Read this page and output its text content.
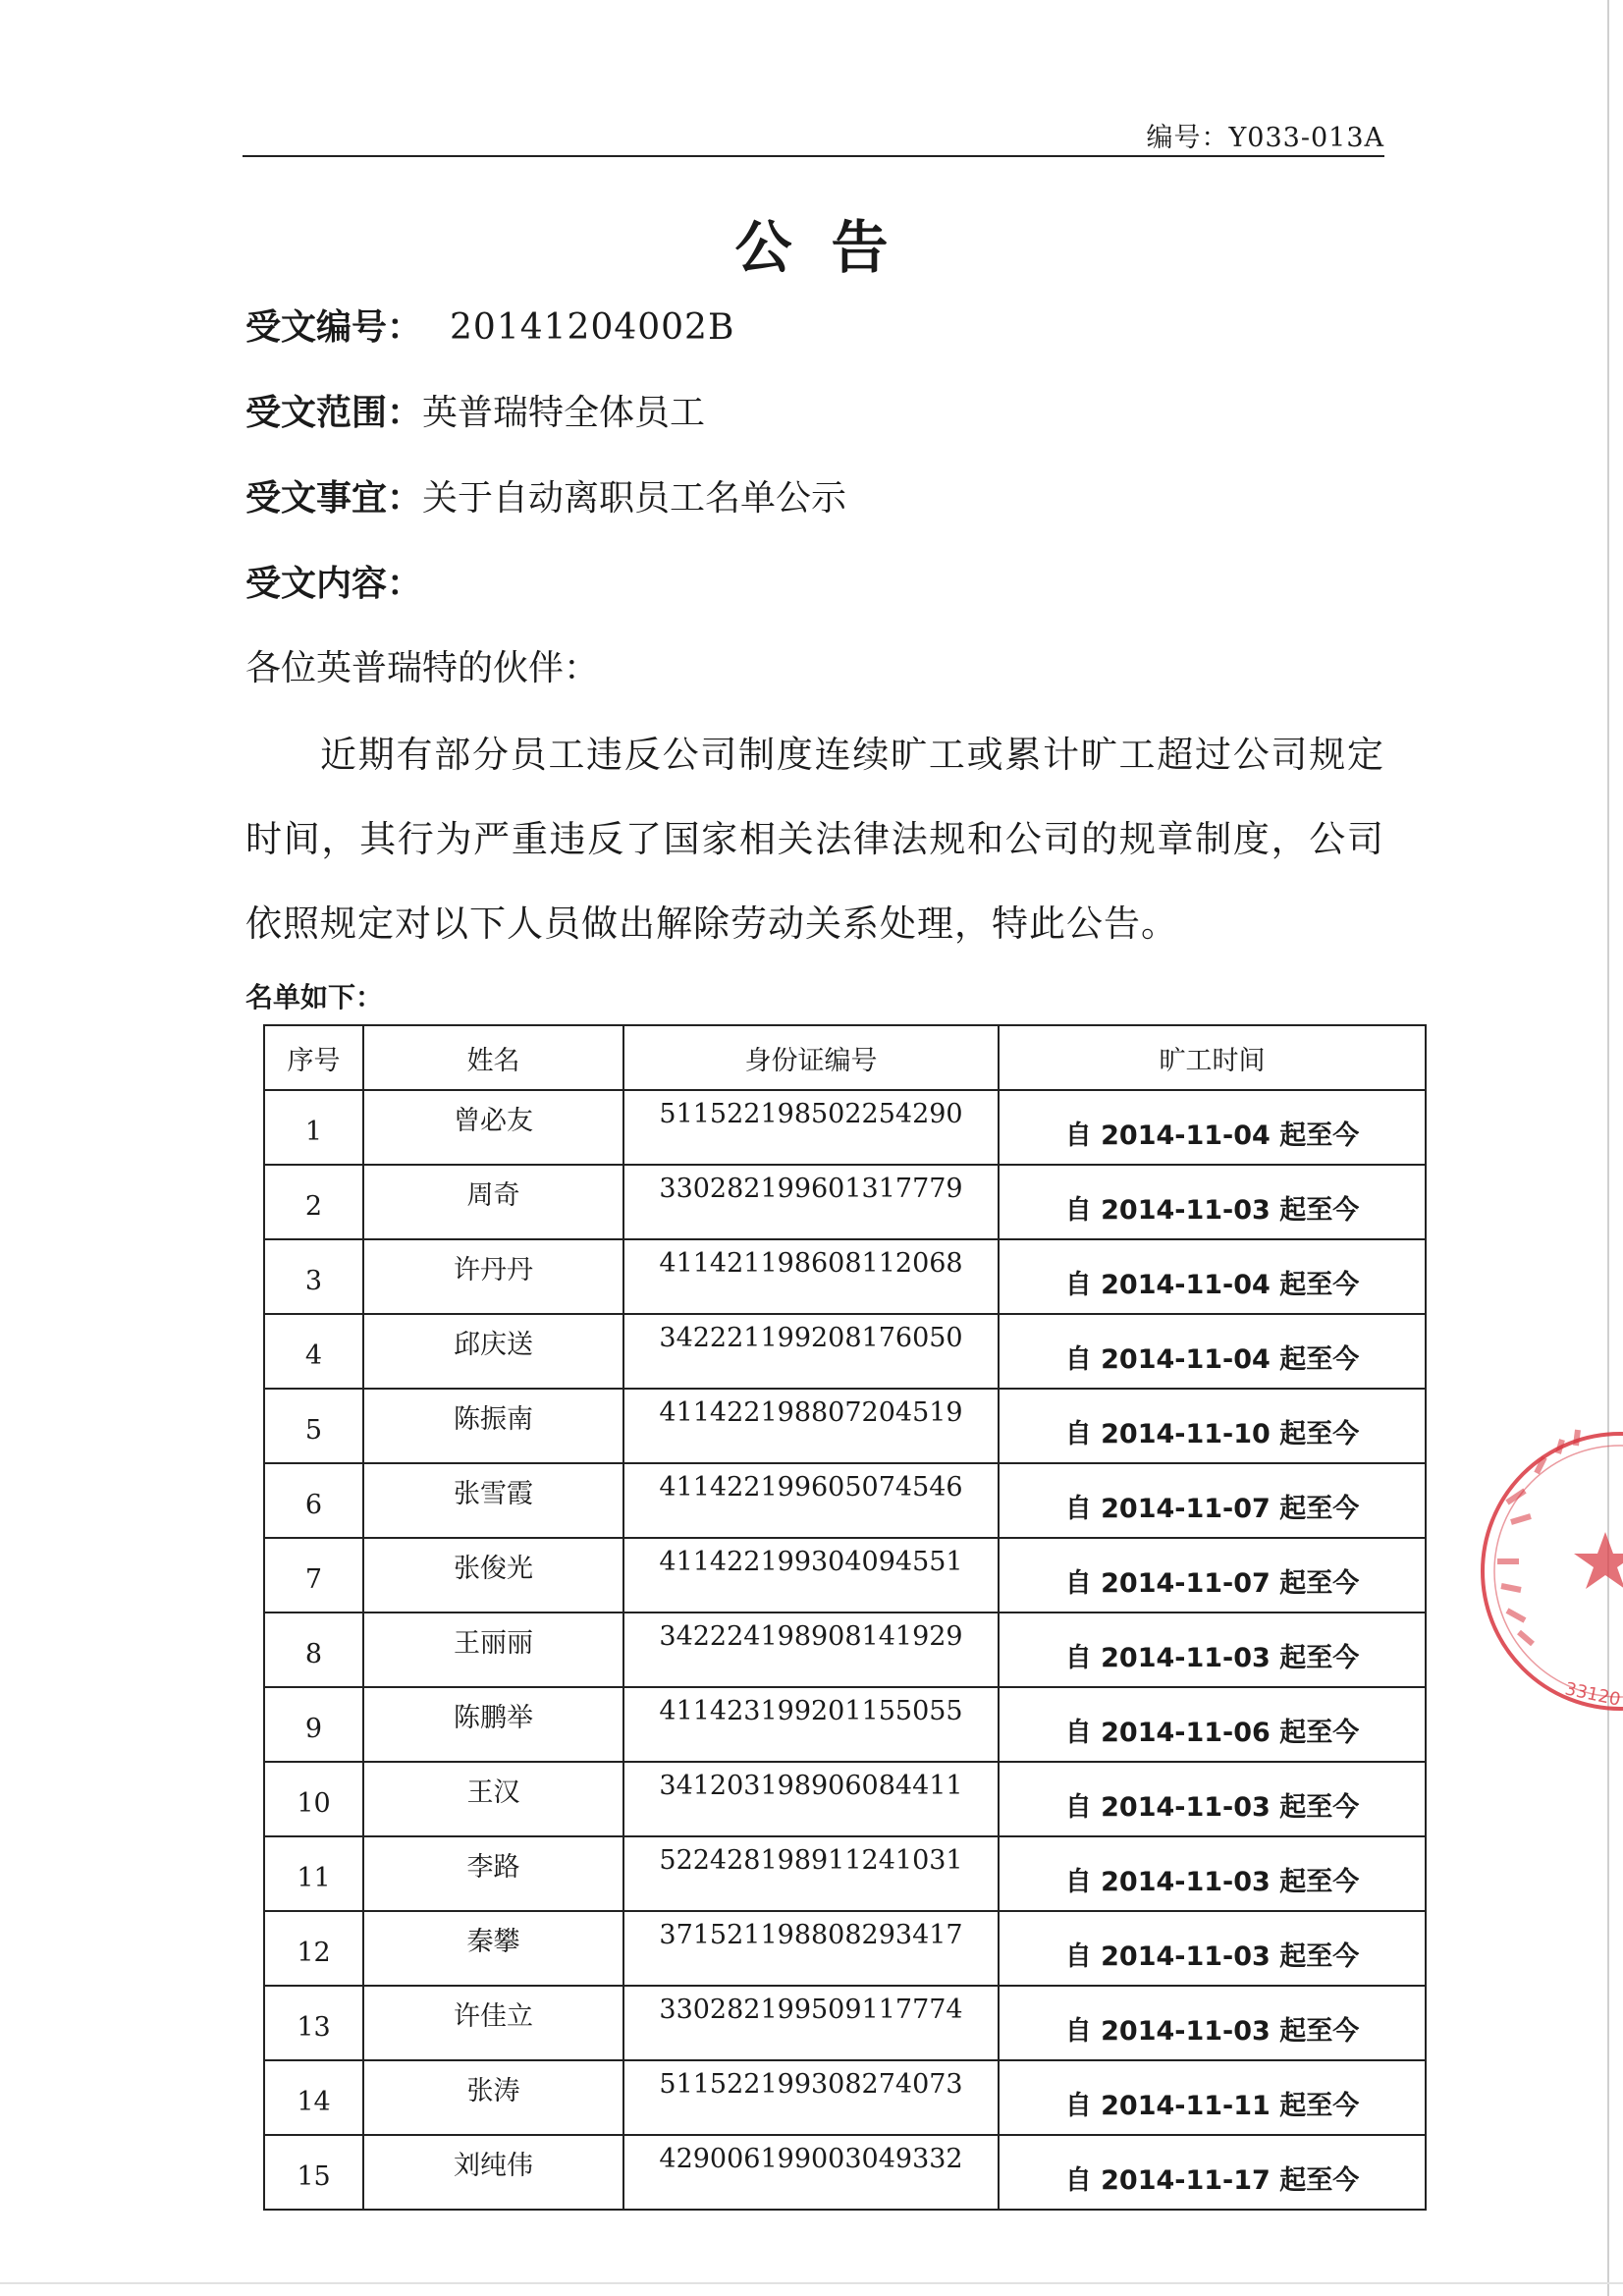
编号：Y033-013A
公告
受文编号： 20141204002B
受文范围：英普瑞特全体员工
受文事宜：关于自动离职员工名单公示
受文内容：
各位英普瑞特的伙伴：
近期有部分员工违反公司制度连续旷工或累计旷工超过公司规定时间，其行为严重违反了国家相关法律法规和公司的规章制度，公司依照规定对以下人员做出解除劳动关系处理，特此公告。
名单如下：
序号	姓名	身份证编号	旷工时间
1	曾必友	511522198502254290	自 2014-11-04 起至今
2	周奇	330282199601317779	自 2014-11-03 起至今
3	许丹丹	411421198608112068	自 2014-11-04 起至今
4	邱庆送	342221199208176050	自 2014-11-04 起至今
5	陈振南	411422198807204519	自 2014-11-10 起至今
6	张雪霞	411422199605074546	自 2014-11-07 起至今
7	张俊光	411422199304094551	自 2014-11-07 起至今
8	王丽丽	342224198908141929	自 2014-11-03 起至今
9	陈鹏举	411423199201155055	自 2014-11-06 起至今
10	王汉	341203198906084411	自 2014-11-03 起至今
11	李路	522428198911241031	自 2014-11-03 起至今
12	秦攀	371521198808293417	自 2014-11-03 起至今
13	许佳立	330282199509117774	自 2014-11-03 起至今
14	张涛	511522199308274073	自 2014-11-11 起至今
15	刘纯伟	429006199003049332	自 2014-11-17 起至今
33120
